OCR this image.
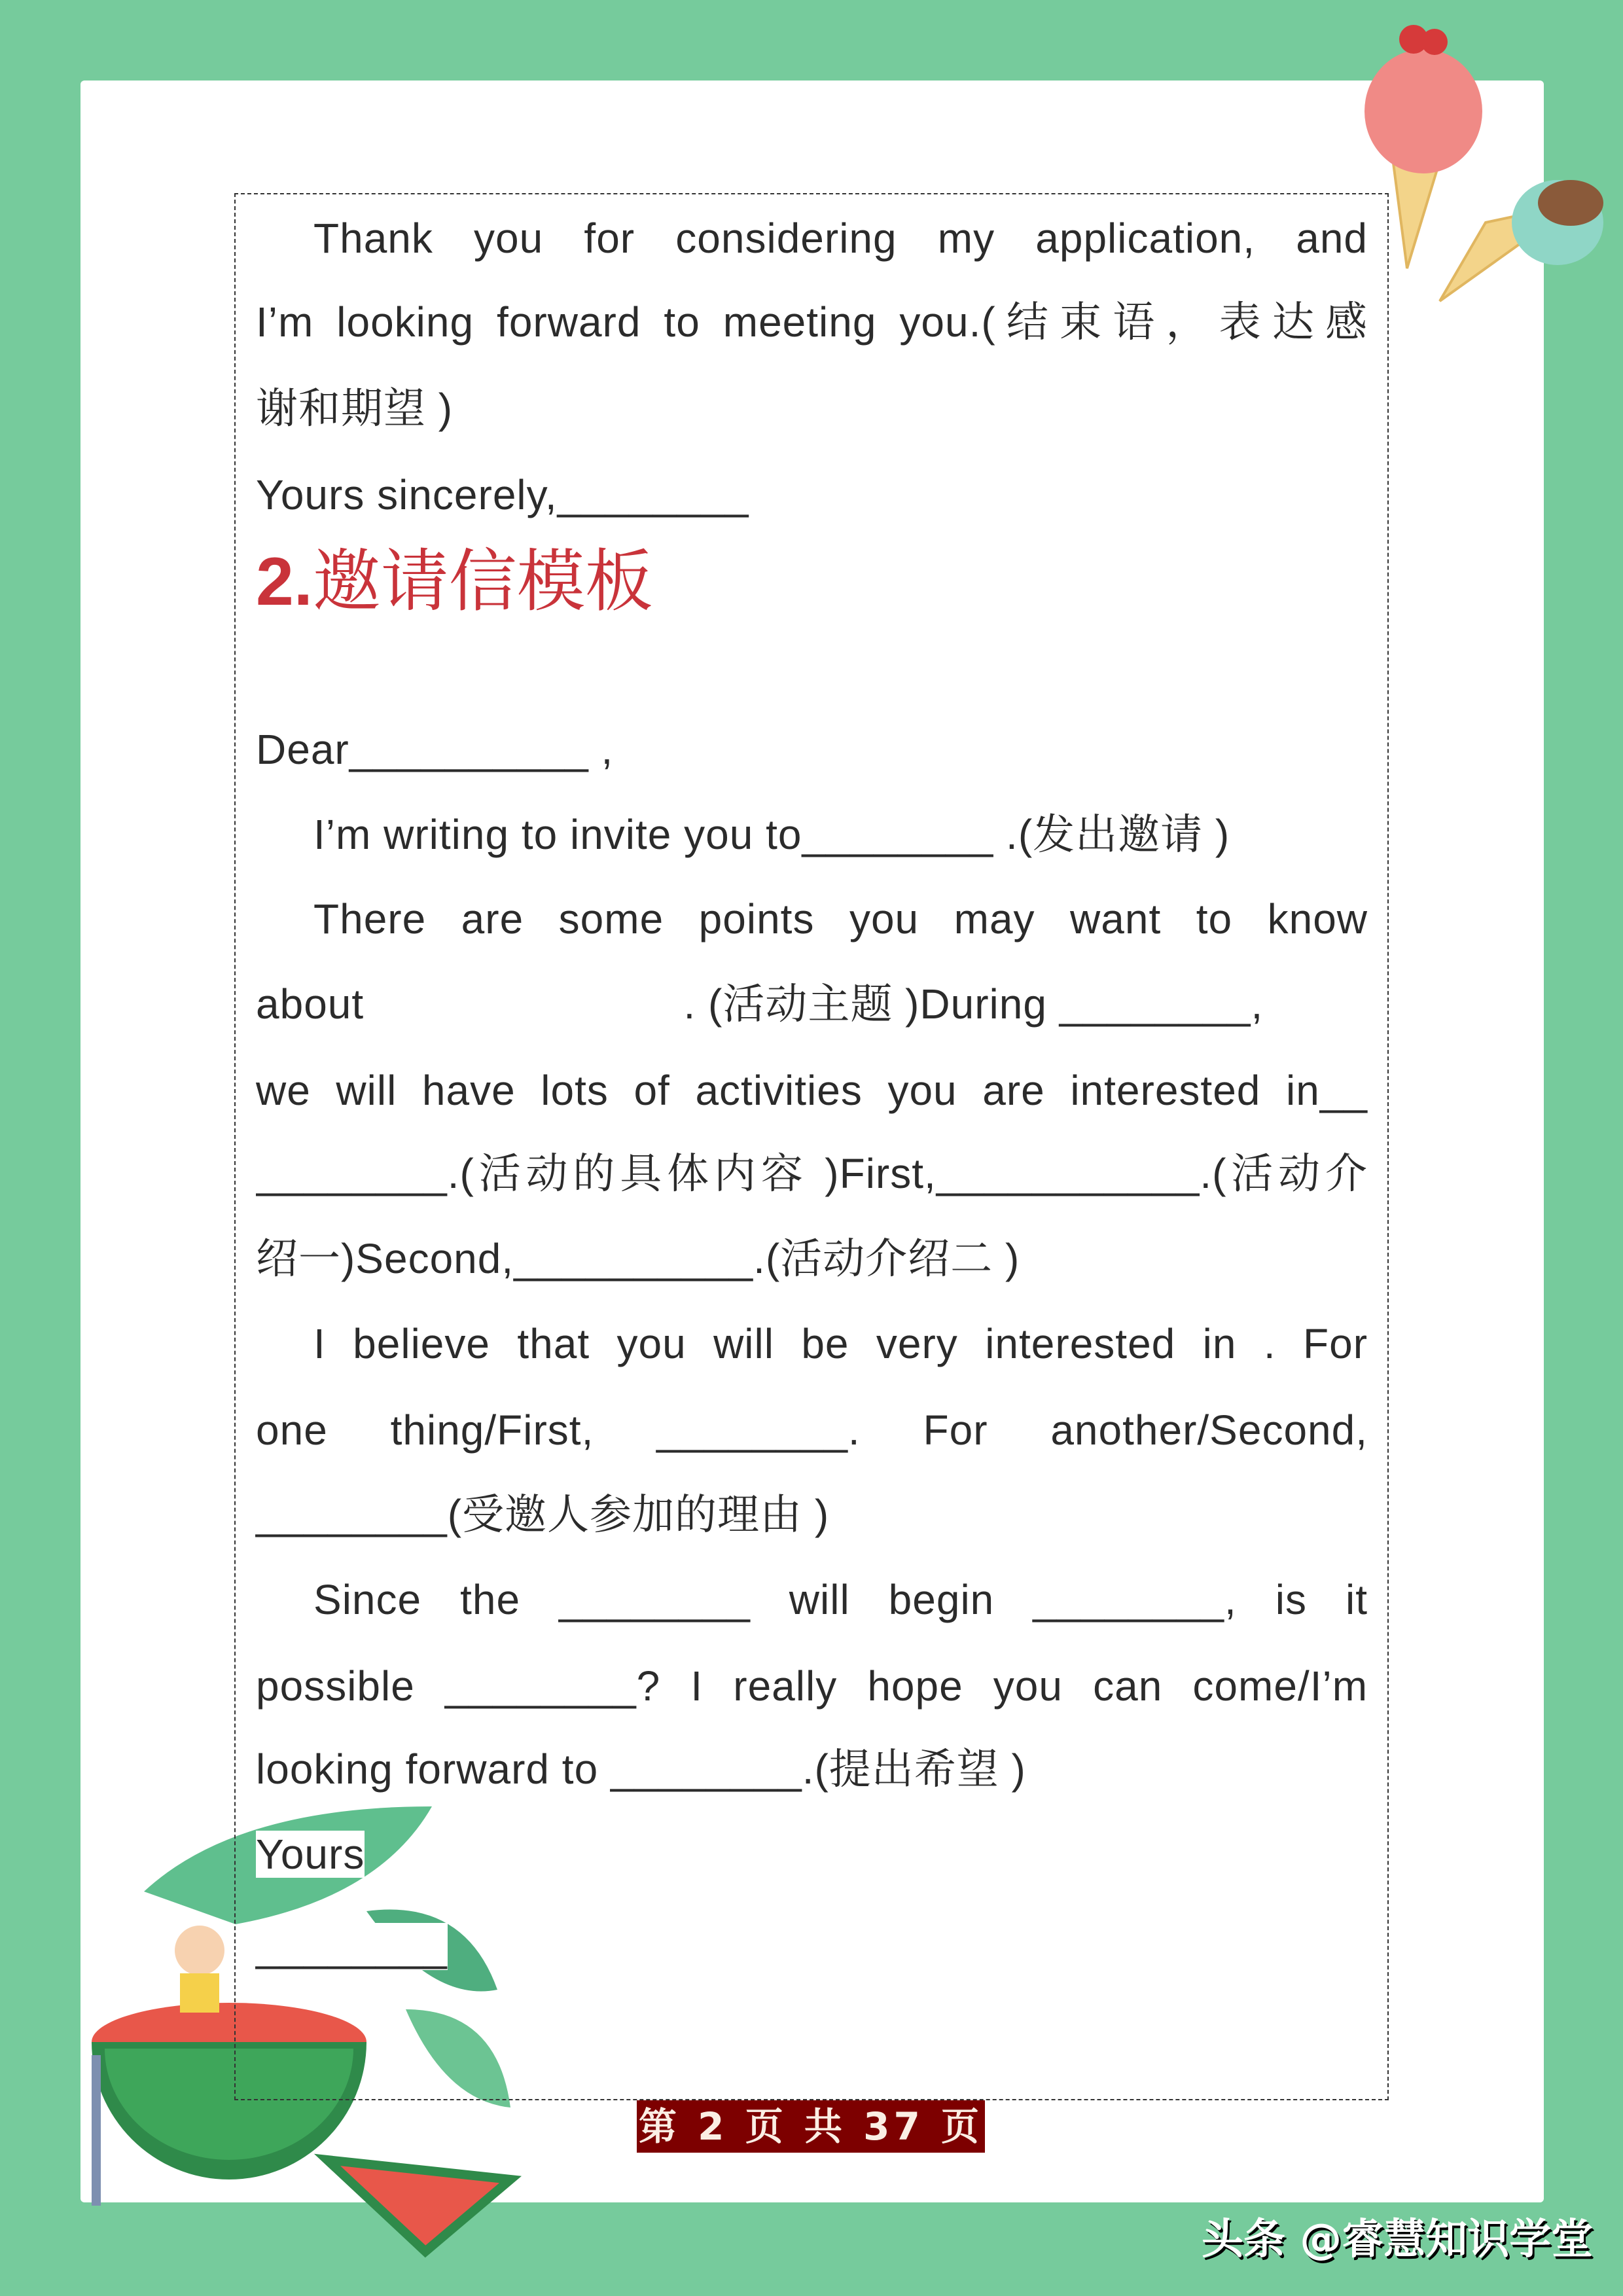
Thank you for considering my application, and
I’m looking forward to meeting you.(结束语，表达感
谢和期望 )
Yours sincerely,________
2.邀请信模板
Dear__________ ,
I’m writing to invite you to________ .(发出邀请 )
There are some points you may want to know
about                          . (活动主题 )During ________,
we will have lots of activities you are interested in__
________.(活动的具体内容 )First,___________.(活动介
绍一)Second,__________.(活动介绍二 )
I believe that you will be very interested in . For
one thing/First, ________. For another/Second,
________(受邀人参加的理由 )
Since the ________ will begin ________, is it
possible ________? I really hope you can come/I’m
looking forward to ________.(提出希望 )
Yours
________
第 2 页 共 37 页
头条 @睿慧知识学堂
